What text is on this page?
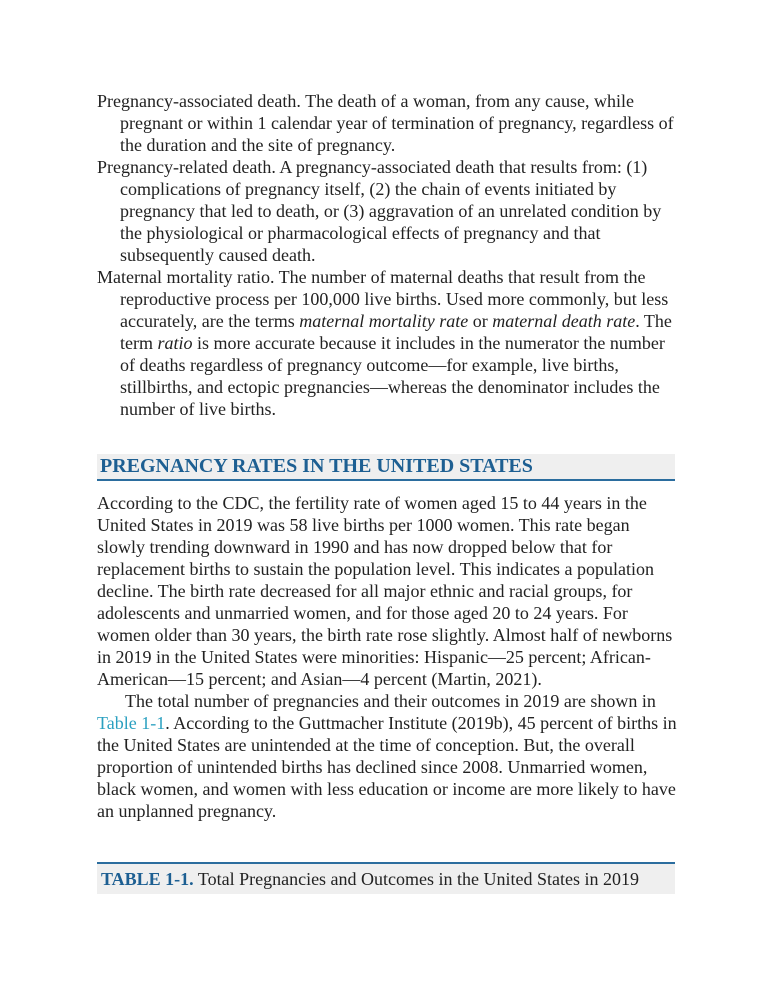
Pregnancy-associated death. The death of a woman, from any cause, while pregnant or within 1 calendar year of termination of pregnancy, regardless of the duration and the site of pregnancy.

Pregnancy-related death. A pregnancy-associated death that results from: (1) complications of pregnancy itself, (2) the chain of events initiated by pregnancy that led to death, or (3) aggravation of an unrelated condition by the physiological or pharmacological effects of pregnancy and that subsequently caused death.

Maternal mortality ratio. The number of maternal deaths that result from the reproductive process per 100,000 live births. Used more commonly, but less accurately, are the terms maternal mortality rate or maternal death rate. The term ratio is more accurate because it includes in the numerator the number of deaths regardless of pregnancy outcome—for example, live births, stillbirths, and ectopic pregnancies—whereas the denominator includes the number of live births.

PREGNANCY RATES IN THE UNITED STATES

According to the CDC, the fertility rate of women aged 15 to 44 years in the United States in 2019 was 58 live births per 1000 women. This rate began slowly trending downward in 1990 and has now dropped below that for replacement births to sustain the population level. This indicates a population decline. The birth rate decreased for all major ethnic and racial groups, for adolescents and unmarried women, and for those aged 20 to 24 years. For women older than 30 years, the birth rate rose slightly. Almost half of newborns in 2019 in the United States were minorities: Hispanic—25 percent; African-American—15 percent; and Asian—4 percent (Martin, 2021).

The total number of pregnancies and their outcomes in 2019 are shown in Table 1-1. According to the Guttmacher Institute (2019b), 45 percent of births in the United States are unintended at the time of conception. But, the overall proportion of unintended births has declined since 2008. Unmarried women, black women, and women with less education or income are more likely to have an unplanned pregnancy.

TABLE 1-1. Total Pregnancies and Outcomes in the United States in 2019
